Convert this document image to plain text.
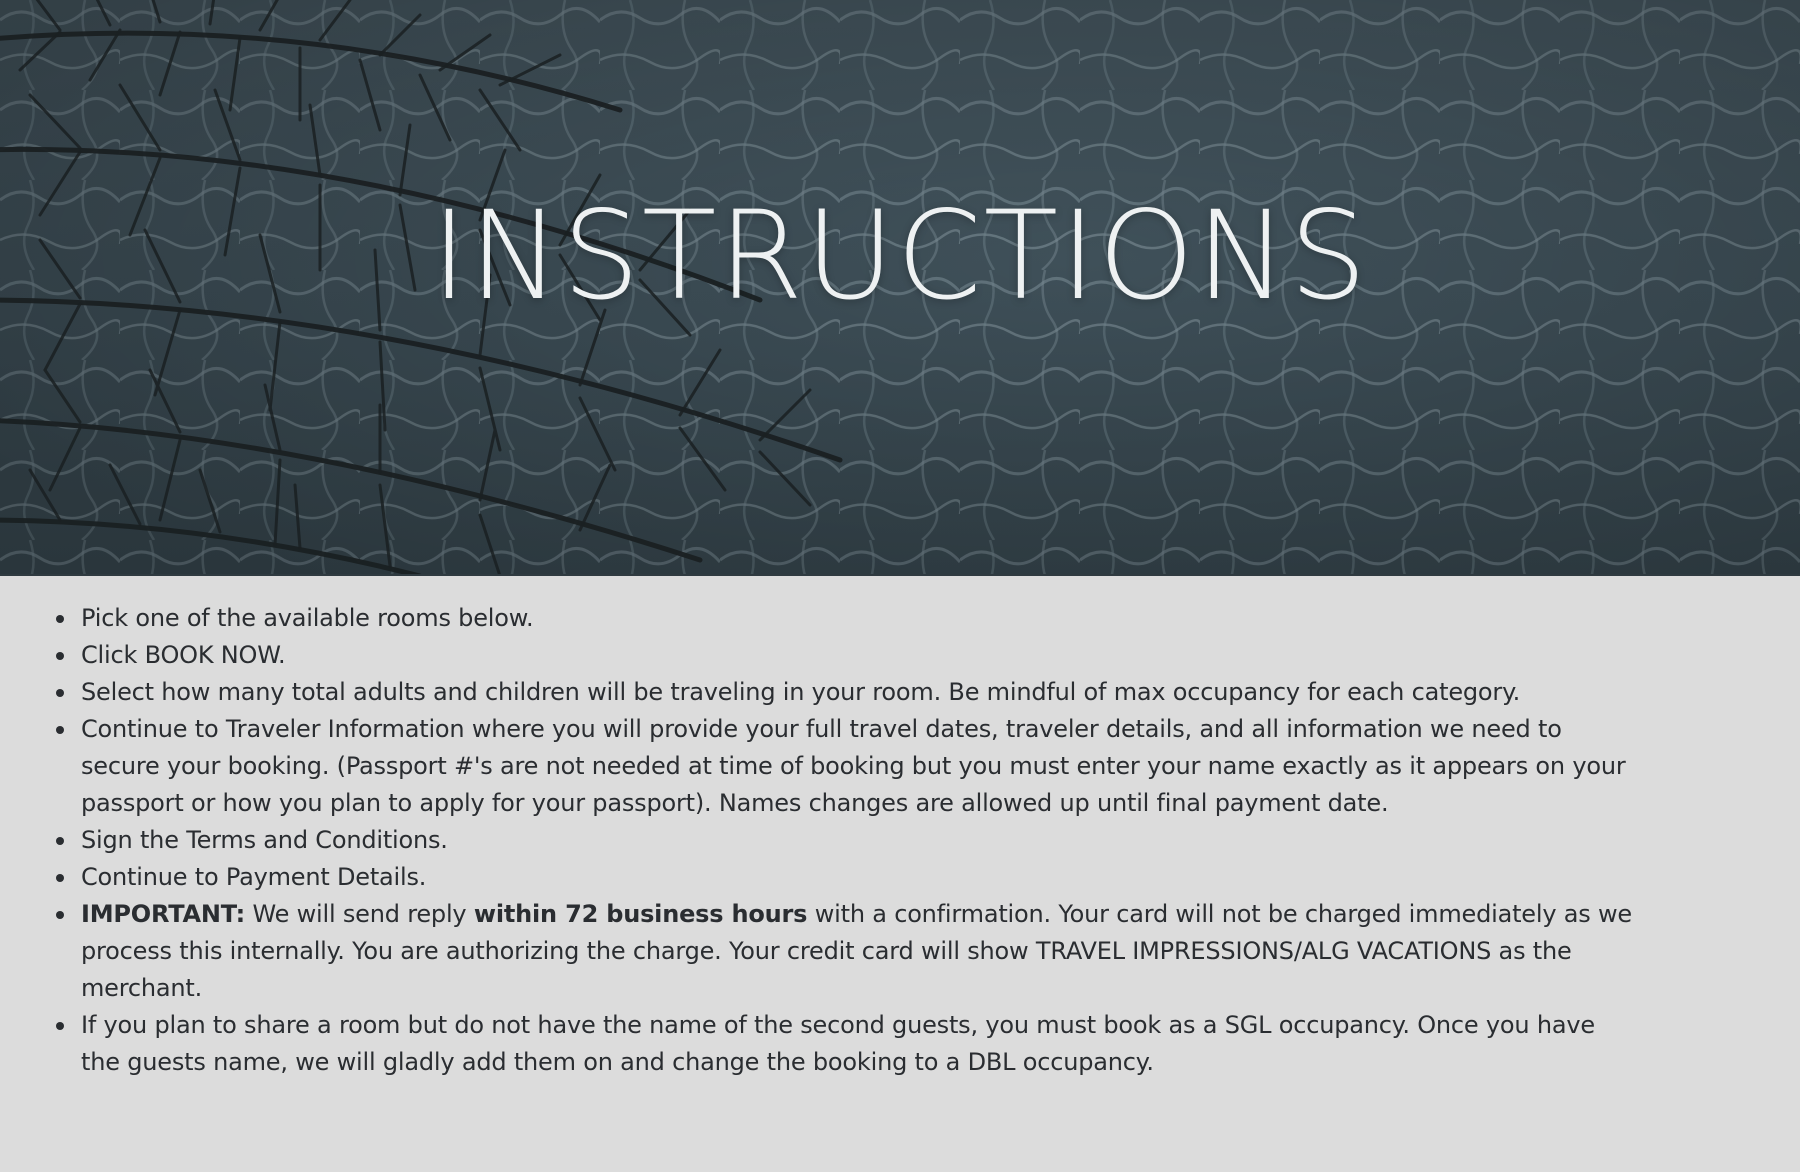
INSTRUCTIONS
Pick one of the available rooms below.
Click BOOK NOW.
Select how many total adults and children will be traveling in your room. Be mindful of max occupancy for each category.
Continue to Traveler Information where you will provide your full travel dates, traveler details, and all information we need to secure your booking. (Passport #'s are not needed at time of booking but you must enter your name exactly as it appears on your passport or how you plan to apply for your passport). Names changes are allowed up until final payment date.
Sign the Terms and Conditions.
Continue to Payment Details.
IMPORTANT: We will send reply within 72 business hours with a confirmation. Your card will not be charged immediately as we process this internally. You are authorizing the charge. Your credit card will show TRAVEL IMPRESSIONS/ALG VACATIONS as the merchant.
If you plan to share a room but do not have the name of the second guests, you must book as a SGL occupancy. Once you have the guests name, we will gladly add them on and change the booking to a DBL occupancy.
